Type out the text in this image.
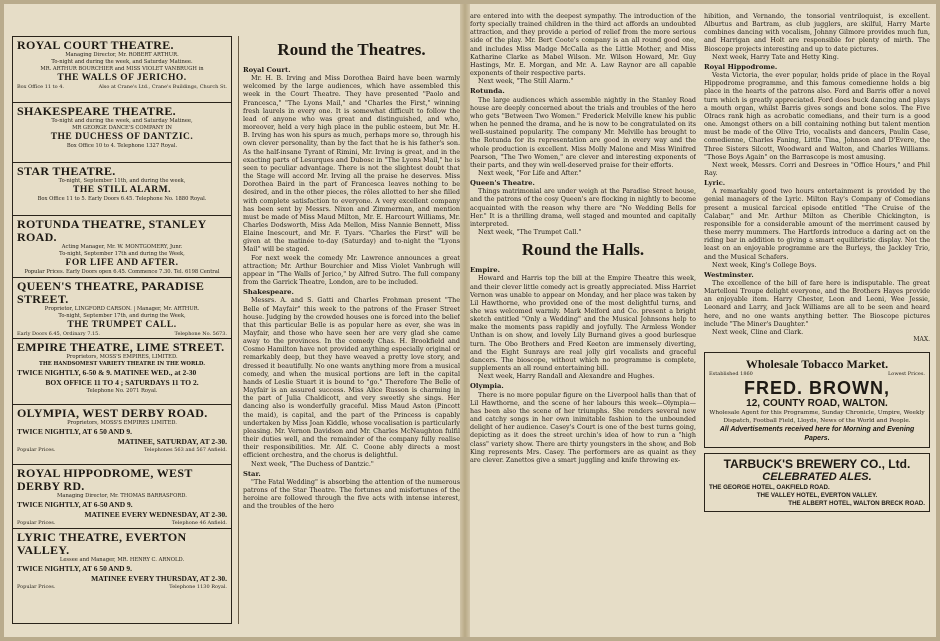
ROYAL COURT THEATRE.
Managing Director, Mr. ROBERT ARTHUR.
To-night and during the week, and Saturday Matinee.
MR. ARTHUR BOURCHIER and MISS VIOLET VANBRUGH in
THE WALLS OF JERICHO.
Box Office 11 to 4.	Also at Crane's Ltd., Crane's Buildings, Church St.
SHAKESPEARE THEATRE.
To-night and during the week, and Saturday Matinee,
MR GEORGE DANCE'S COMPANY IN
THE DUCHESS OF DANTZIC.
Box Office 10 to 4. Telephone 1327 Royal.
STAR THEATRE.
To-night, September 11th, and during the week,
THE STILL ALARM.
Box Office 11 to 5. Early Doors 6.45. Telephone No. 1880 Royal.
ROTUNDA THEATRE, STANLEY ROAD.
Acting Manager, Mr. W. MONTGOMERY, Junr.
To-night, September 17th and during the Week,
FOR LIFE AND AFTER.
Popular Prices. Early Doors open 6.45. Commence 7.30. Tel. 6198 Central
QUEEN'S THEATRE, PARADISE STREET.
Proprietor, LINGFORD CARSON. | Manager, Mr. ARTHUR.
To-night, September 17th, and during the Week,
THE TRUMPET CALL.
Early Doors 6.45, Ordinary 7.15.	Telephone No. 5673.
EMPIRE THEATRE, LIME STREET.
Proprietors, MOSS'S EMPIRES, LIMITED.
THE HANDSOMEST VARIETY THEATRE IN THE WORLD.
TWICE NIGHTLY, 6-50 & 9. MATINEE WED., at 2-30
BOX OFFICE 11 TO 4 ; SATURDAYS 11 TO 2.
Telephone No. 2071 Royal.
OLYMPIA, WEST DERBY ROAD.
Proprietors, MOSS'S EMPIRES LIMITED.
TWICE NIGHTLY, AT 6 50 AND 9.
MATINEE, SATURDAY, AT 2-30.
Popular Prices.	Telephones 563 and 567 Anfield.
ROYAL HIPPODROME, WEST DERBY RD.
Managing Director, Mr. THOMAS BARRASFORD.
TWICE NIGHTLY, AT 6-50 AND 9.
MATINEE EVERY WEDNESDAY, AT 2-30.
Popular Prices.	Telephone 46 Anfield.
LYRIC THEATRE, EVERTON VALLEY.
Lessee and Manager, MR. HENRY C. ARNOLD.
TWICE NIGHTLY, AT 6 50 AND 9.
MATINEE EVERY THURSDAY, AT 2-30.
Popular Prices.	Telephone 1130 Royal.
Round the Theatres.
Royal Court.

Mr. H. B. Irving and Miss Dorothea Baird have been warmly welcomed by the large audiences, which have assembled this week in the Court Theatre. They have presented "Paolo and Francesca," "The Lyons Mail," and "Charles the First," winning fresh laurels in every one. It is somewhat difficult to follow the lead of anyone who was great and distinguished, and who, moreover, held a very high place in the public esteem, but Mr. H. B. Irving has won his spurs as much, perhaps more so, through his own clever personality, than by the fact that he is his father's son. As the half-insane Tyrant of Rimini, Mr. Irving is great, and in the exacting parts of Lesurques and Dubosc in "The Lyons Mail," he is seen to peculiar advantage. There is not the slightest doubt that the Stage will accord Mr. Irving all the praise he deserves. Miss Dorothea Baird in the part of Francesca leaves nothing to be desired, and in the other pieces, the rôles allotted to her she filled with complete satisfaction to everyone. A very excellent company has been sent by Messrs. Nixon and Zimmerman, and mention must be made of Miss Maud Milton, Mr. E. Harcourt Williams, Mr. Charles Dodsworth, Miss Ada Mellon, Miss Nannie Bennett, Miss Elaine Inescourt, and Mr. F. Tyars. "Charles the First" will be given at the matinée to-day (Saturday) and to-night the "Lyons Mail" will be staged.

For next week the comedy Mr. Lawrence announces a great attraction; Mr. Arthur Bourchier and Miss Violet Vanbrugh will appear in "The Walls of Jerico," by Alfred Sutro. The full company from the Garrick Theatre, London, are to be included.

Shakespeare.

Messrs. A. and S. Gatti and Charles Frohman present "The Belle of Mayfair" this week to the patrons of the Fraser Street house. Judging by the crowded houses one is forced into the belief that this particular Belle is as popular here as ever, she was in Mayfair, and those who have seen her are very glad she came away to the provinces. In the comedy Chas. H. Brookfield and Cosmo Hamilton have not provided anything especially original or remarkably deep, but they have weaved a pretty love story, and dressed it beautifully. No one wants anything more from a musical comedy, and when the musical portions are left in the capital hands of Leslie Stuart it is bound to "go." Therefore The Belle of Mayfair is an assured success. Miss Alice Russon is charming in the part of Julia Chaldicott, and very sweetly she sings. Her dancing also is wonderfully graceful. Miss Maud Aston (Pincott the maid), is capital, and the part of the Princess is capably undertaken by Miss Joan Kiddle, whose vocalisation is particularly pleasing. Mr. Vernon Davidson and Mr. Charles McNaughton fulfil their duties well, and the remainder of the company fully realise their responsibilities. Mr. Alf. C. Coone ably directs a most efficient orchestra, and the chorus is delightful.

Next week, "The Duchess of Dantzic."

Star.

"The Fatal Wedding" is absorbing the attention of the numerous patrons of the Star Theatre. The fortunes and misfortunes of the heroine are followed through the five acts with intense interest, and the troubles of the hero

are entered into with the deepest sympathy. The introduction of the forty specially trained children in the third act affords an undoubted attraction, and they provide a period of relief from the more serious side of the play. Mr. Bert Coote's company is an all round good one, and includes Miss Madge McCalla as the Little Mother, and Miss Katharine Clarke as Mabel Wilson. Mr. Wilson Howard, Mr. Guy Hastings, Mr. E. Morgan, and Mr. A. Law Raynor are all capable exponents of their respective parts.

Next week, "The Still Alarm."

Rotunda.

The large audiences which assemble nightly in the Stanley Road house are deeply concerned about the trials and troubles of the hero who gets "Between Two Women." Frederick Melville knew his public when he penned the drama, and he is now to be congratulated on its well-sustained popularity. The company Mr. Melville has brought to the Rotunda for its representation are good in every way and the whole production is excellent. Miss Molly Malone and Miss Winifred Pearson, "The Two Women," are clever and interesting exponents of their parts, and they win well-deserved praise for their efforts.

Next week, "For Life and After."

Queen's Theatre.

Things matrimonial are under weigh at the Paradise Street house, and the patrons of the cosy Queen's are flocking in nightly to become acquainted with the reason why there are "No Wedding Bells for Her." It is a thrilling drama, well staged and mounted and capitally interpreted.

Next week, "The Trumpet Call."

Round the Halls.
Empire.

Howard and Harris top the bill at the Empire Theatre this week, and their clever little comedy act is greatly appreciated. Miss Harriet Vernon was unable to appear on Monday, and her place was taken by Lil Hawthorne, who provided one of the most delightful turns, and she was welcomed warmly. Mark Melford and Co. present a bright sketch entitled "Only a Wedding" and the Musical Johnsons help to make the moments pass rapidly and joyfully. The Armless Wonder Unthan is on show, and lovely Lily Burnand gives a good burlesque turn. The Obo Brothers and Fred Keeton are immensely diverting, and the Eight Sunrays are real jolly girl vocalists and graceful dancers. The bioscope, without which no programme is complete, supplements an all round entertaining bill.

Next week, Harry Randall and Alexandre and Hughes.

Olympia.

There is no more popular figure on the Liverpool halls than that of Lil Hawthorne, and the scene of her labours this week—Olympia—has been also the scene of her triumphs. She renders several new and catchy songs in her own inimitable fashion to the unbounded delight of her audience. Casey's Court is one of the best turns going, depicting as it does the street urchin's idea of how to run a "high class" variety show. There are thirty youngsters in the show, and Bob King represents Mrs. Casey. The performers are as quaint as they are clever. Zanettos give a smart juggling and knife throwing ex-

hibition, and Vernando, the tonsorial ventriloquist, is excellent. Alburtus and Bartram, as club jugglers, are skilful, Harry Marte combines dancing with vocalism, Johnny Gilmore provides much fun, and Harrigan and Holt are responsible for plenty of mirth. The Bioscope projects interesting and up to date pictures.

Next week, Harry Tate and Hetty King.

Royal Hippodrome.

Vesta Victoria, the ever popular, holds pride of place in the Royal Hippodrome programme, and this famous comedienne holds a big place in the hearts of the patrons also. Ford and Barris offer a novel turn which is greatly appreciated. Ford does buck dancing and plays a mouth organ, whilst Barris gives songs and bone solos. The Five Olracs rank high as acrobatic comedians, and their turn is a good one. Amongst others on a bill containing nothing but talent mention must be made of the Olive Trio, vocalists and dancers, Paulin Case, comedienne, Charles Faning, Little Tina, Johnson and D'Evere, the Three Sisters Silcott, Woodward and Walton, and Charles Williams. "Those Boys Again" on the Barrascope is most amusing.

Next week, Messrs. Corri and Desrees in "Office Hours," and Phil Ray.

Lyric.

A remarkably good two hours entertainment is provided by the genial managers of the Lyric. Milton Ray's Company of Comedians present a musical farcical episode entitled "The Cruise of the Calabar," and Mr. Arthur Milton as Cherible Chickington, is responsible for a considerable amount of the merriment caused by these merry mummers. The Hartfords introduce a daring act on the riding bar in addition to giving a smart equilibristic display. Not the least on an enjoyable programme are the Burleys, the Jackley Trio, and the Musical Schafers.

Next week, King's College Boys.

Westminster.

The excellence of the bill of fare here is indisputable. The great Martelloni Troupe delight everyone, and the Brothers Hayes provide an enjoyable item. Harry Chester, Leon and Leoni, Wee Jessie, Leonard and Larry, and Jack Williams are all to be seen and heard here, and no one wants anything better. The Bioscope pictures include "The Miner's Daughter."

Next week, Cline and Clark.

MAX.
Wholesale Tobacco Market.
Established 1860	Lowest Prices.
FRED. BROWN,
12, COUNTY ROAD, WALTON.
Wholesale Agent for this Programme, Sunday Chronicle, Umpire, Weekly Dispatch, Football Field, Lloyds, News of the World and People.
All Advertisements received here for Morning and Evening Papers.
TARBUCK'S BREWERY CO., Ltd.
CELEBRATED ALES.
THE GEORGE HOTEL, OAKFIELD ROAD.
THE VALLEY HOTEL, EVERTON VALLEY.
THE ALBERT HOTEL, WALTON BRECK ROAD.
